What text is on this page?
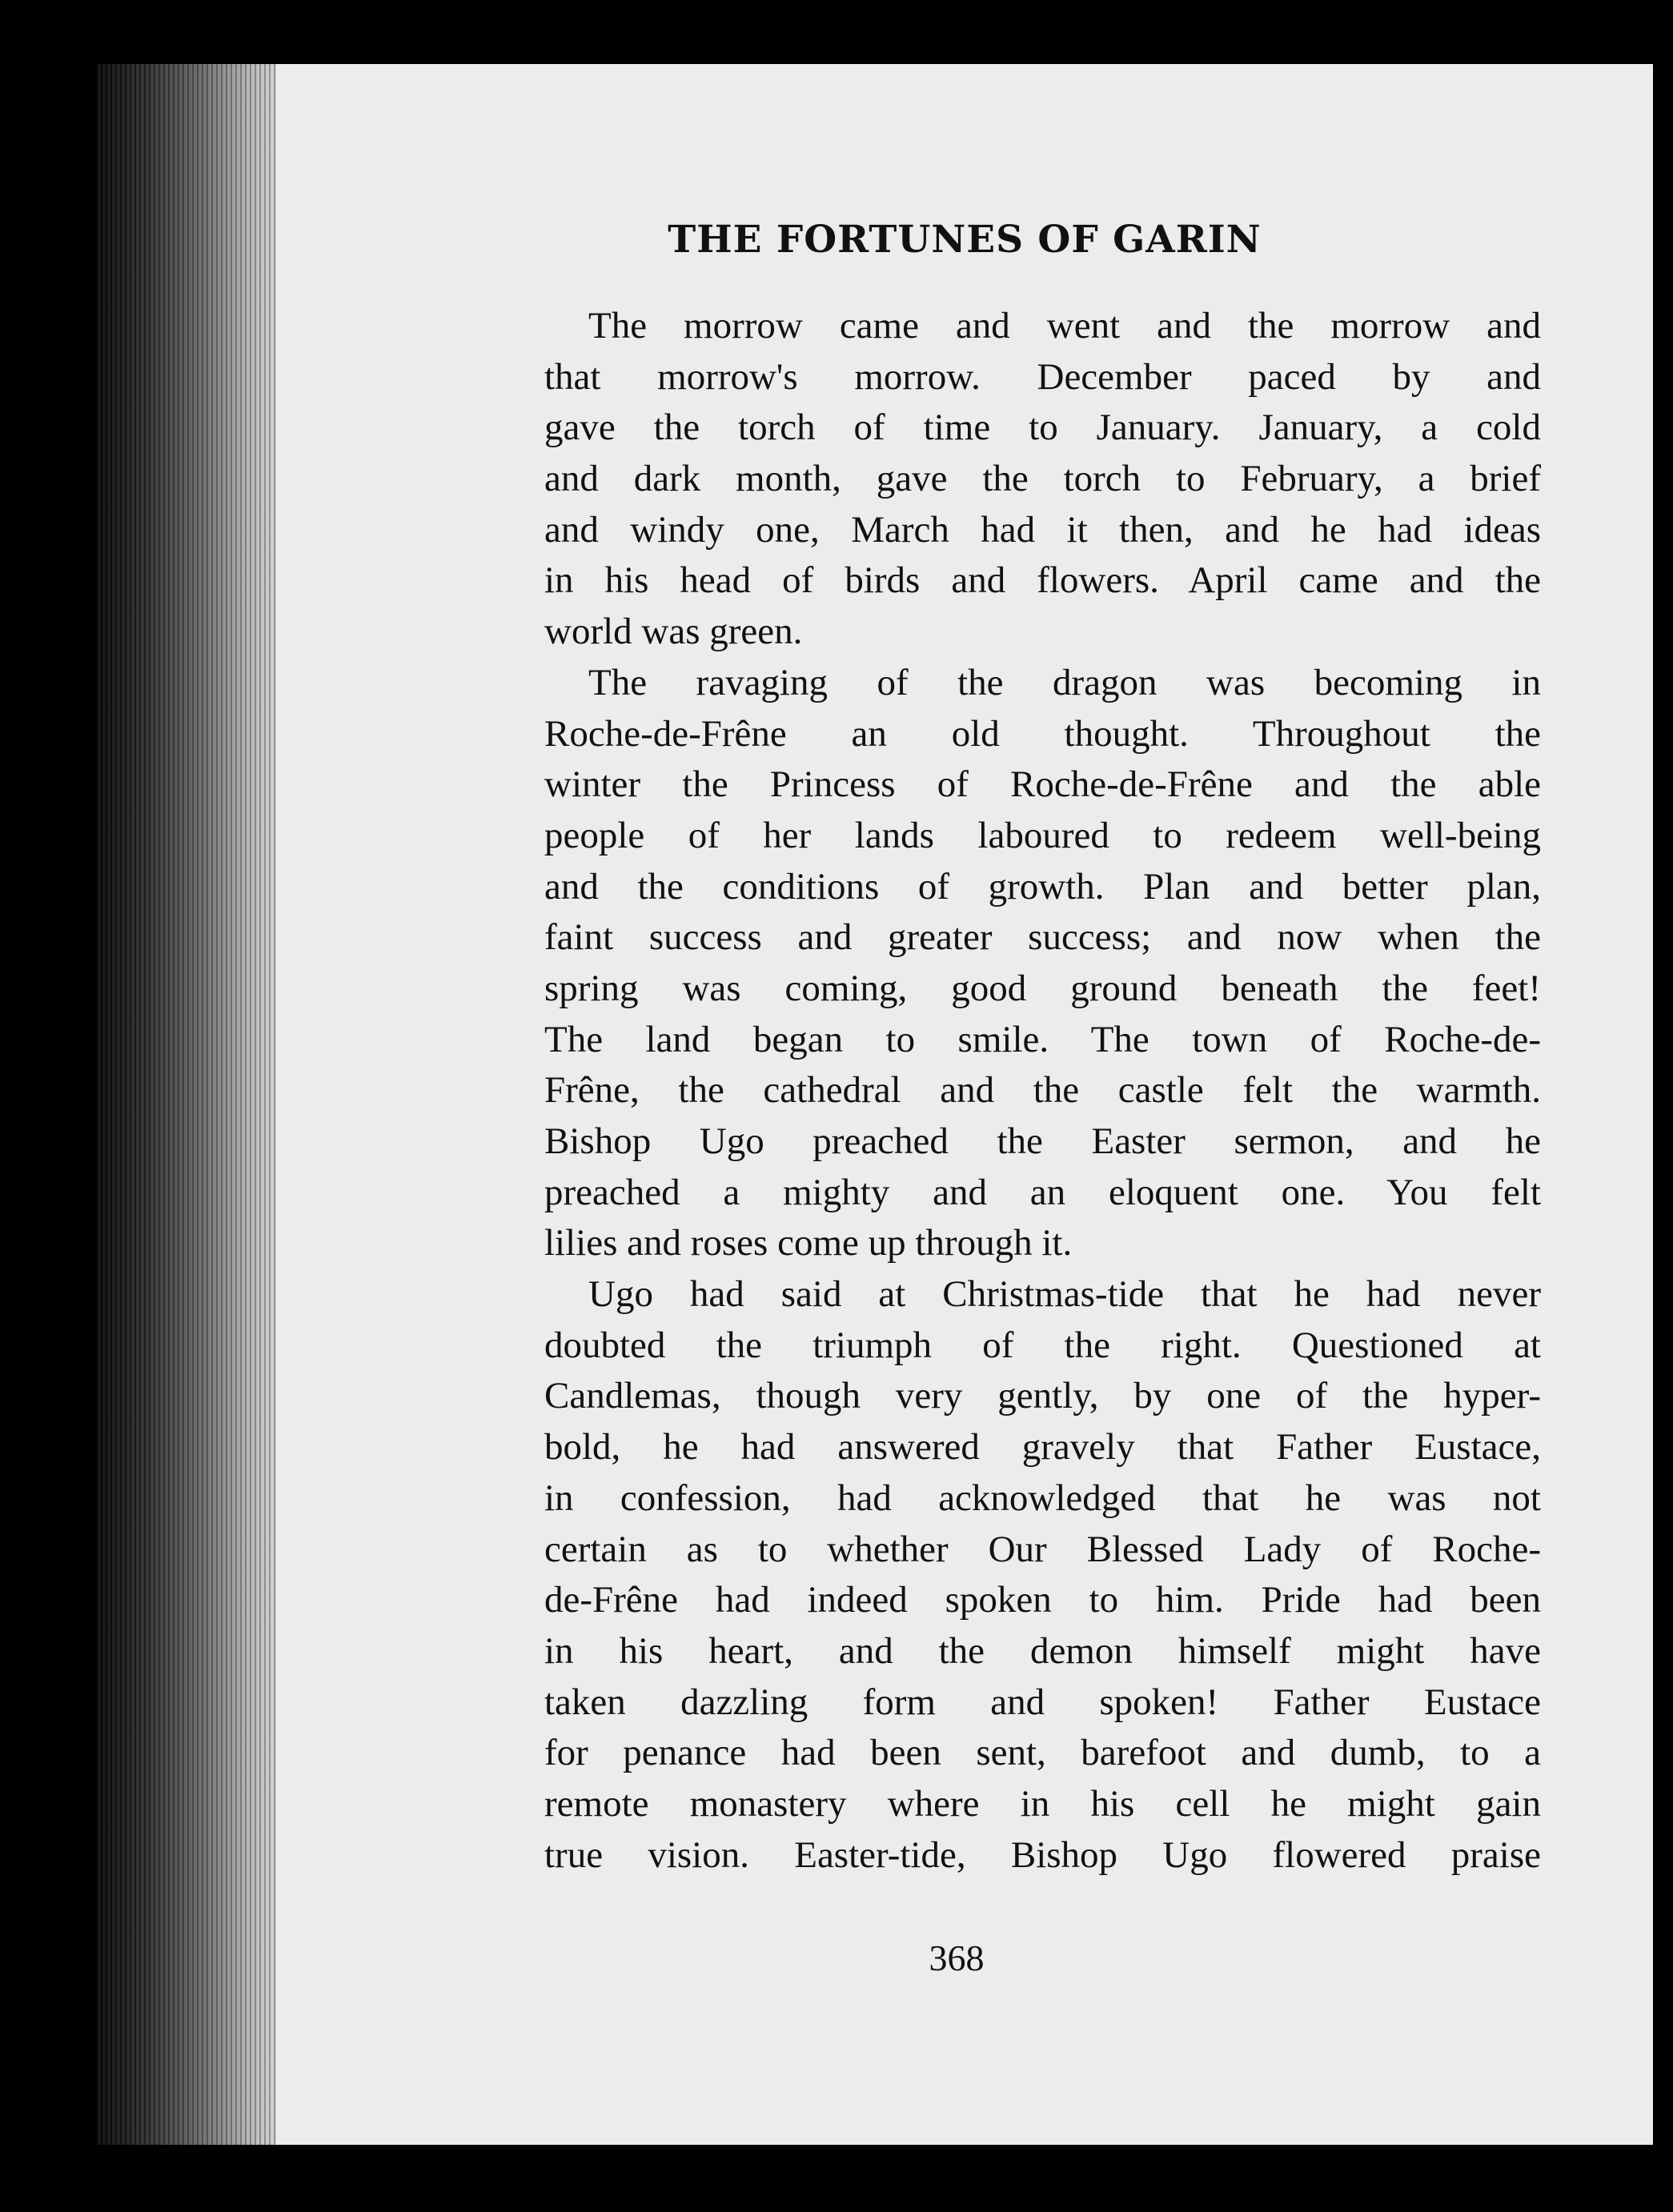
THE FORTUNES OF GARIN
The morrow came and went and the morrow and
that morrow's morrow. December paced by and
gave the torch of time to January. January, a cold
and dark month, gave the torch to February, a brief
and windy one, March had it then, and he had ideas
in his head of birds and flowers. April came and the
world was green.
The ravaging of the dragon was becoming in
Roche-de-Frêne an old thought. Throughout the
winter the Princess of Roche-de-Frêne and the able
people of her lands laboured to redeem well-being
and the conditions of growth. Plan and better plan,
faint success and greater success; and now when the
spring was coming, good ground beneath the feet!
The land began to smile. The town of Roche-de-
Frêne, the cathedral and the castle felt the warmth.
Bishop Ugo preached the Easter sermon, and he
preached a mighty and an eloquent one. You felt
lilies and roses come up through it.
Ugo had said at Christmas-tide that he had never
doubted the triumph of the right. Questioned at
Candlemas, though very gently, by one of the hyper-
bold, he had answered gravely that Father Eustace,
in confession, had acknowledged that he was not
certain as to whether Our Blessed Lady of Roche-
de-Frêne had indeed spoken to him. Pride had been
in his heart, and the demon himself might have
taken dazzling form and spoken! Father Eustace
for penance had been sent, barefoot and dumb, to a
remote monastery where in his cell he might gain
true vision. Easter-tide, Bishop Ugo flowered praise
368
